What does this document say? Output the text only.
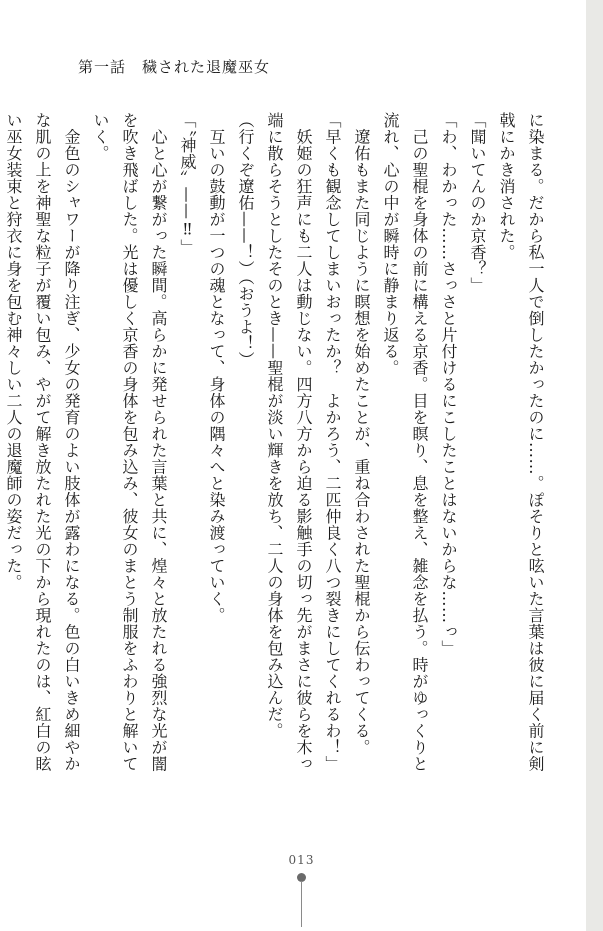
第一話　穢された退魔巫女

に染まる。だから私一人で倒したかったのに……。ぽそりと呟いた言葉は彼に届く前に剣

戟にかき消された。

「聞いてんのか京香？」

「わ、わかった……さっさと片付けるにこしたことはないからな……っ」

　己の聖棍を身体の前に構える京香。目を瞑り、息を整え、雑念を払う。時がゆっくりと

流れ、心の中が瞬時に静まり返る。

　遼佑もまた同じように瞑想を始めたことが、重ね合わされた聖棍から伝わってくる。

「早くも観念してしまいおったか？　よかろう、二匹仲良く八つ裂きにしてくれるわ！」

　妖姫の狂声にも二人は動じない。四方八方から迫る影触手の切っ先がまさに彼らを木っ

端に散らそうとしたそのとき——聖棍が淡い輝きを放ち、二人の身体を包み込んだ。

（行くぞ遼佑——！）（おうよ！）

　互いの鼓動が一つの魂となって、身体の隅々へと染み渡っていく。

「〝神威〟——‼」

　心と心が繋がった瞬間。高らかに発せられた言葉と共に、煌々と放たれる強烈な光が闇

を吹き飛ばした。光は優しく京香の身体を包み込み、彼女のまとう制服をふわりと解いて

いく。

　金色のシャワーが降り注ぎ、少女の発育のよい肢体が露わになる。色の白いきめ細やか

な肌の上を神聖な粒子が覆い包み、やがて解き放たれた光の下から現れたのは、紅白の眩

い巫女装束と狩衣に身を包む神々しい二人の退魔師の姿だった。

013
